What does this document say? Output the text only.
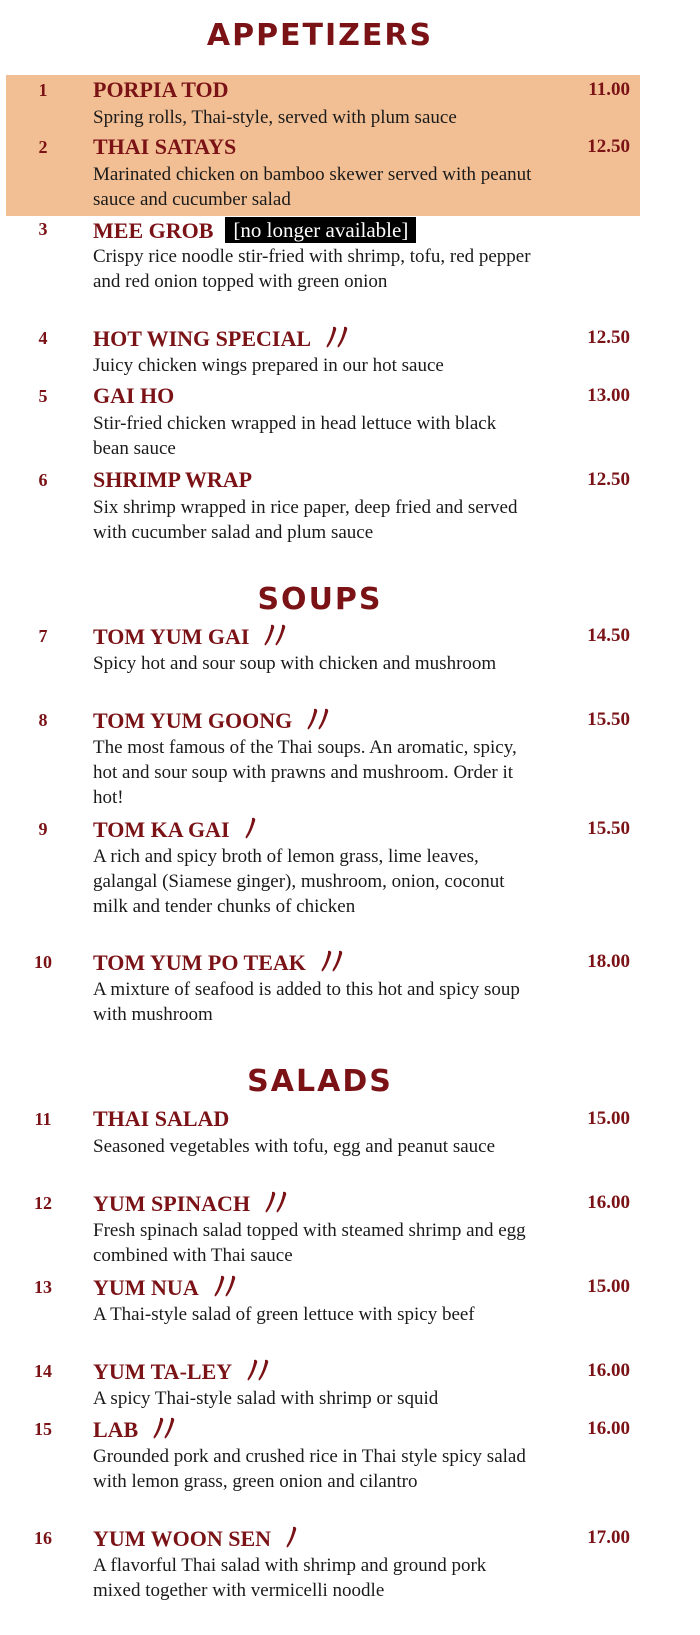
APPETIZERS
1 PORPIA TOD
Spring rolls, Thai-style, served with plum sauce
11.00
2 THAI SATAYS
Marinated chicken on bamboo skewer served with peanut sauce and cucumber salad
12.50
3 MEE GROB [no longer available]
Crispy rice noodle stir-fried with shrimp, tofu, red pepper and red onion topped with green onion
4 HOT WING SPECIAL
Juicy chicken wings prepared in our hot sauce
12.50
5 GAI HO
Stir-fried chicken wrapped in head lettuce with black bean sauce
13.00
6 SHRIMP WRAP
Six shrimp wrapped in rice paper, deep fried and served with cucumber salad and plum sauce
12.50
SOUPS
7 TOM YUM GAI
Spicy hot and sour soup with chicken and mushroom
14.50
8 TOM YUM GOONG
The most famous of the Thai soups. An aromatic, spicy, hot and sour soup with prawns and mushroom. Order it hot!
15.50
9 TOM KA GAI
A rich and spicy broth of lemon grass, lime leaves, galangal (Siamese ginger), mushroom, onion, coconut milk and tender chunks of chicken
15.50
10 TOM YUM PO TEAK
A mixture of seafood is added to this hot and spicy soup with mushroom
18.00
SALADS
11 THAI SALAD
Seasoned vegetables with tofu, egg and peanut sauce
15.00
12 YUM SPINACH
Fresh spinach salad topped with steamed shrimp and egg combined with Thai sauce
16.00
13 YUM NUA
A Thai-style salad of green lettuce with spicy beef
15.00
14 YUM TA-LEY
A spicy Thai-style salad with shrimp or squid
16.00
15 LAB
Grounded pork and crushed rice in Thai style spicy salad with lemon grass, green onion and cilantro
16.00
16 YUM WOON SEN
A flavorful Thai salad with shrimp and ground pork mixed together with vermicelli noodle
17.00
